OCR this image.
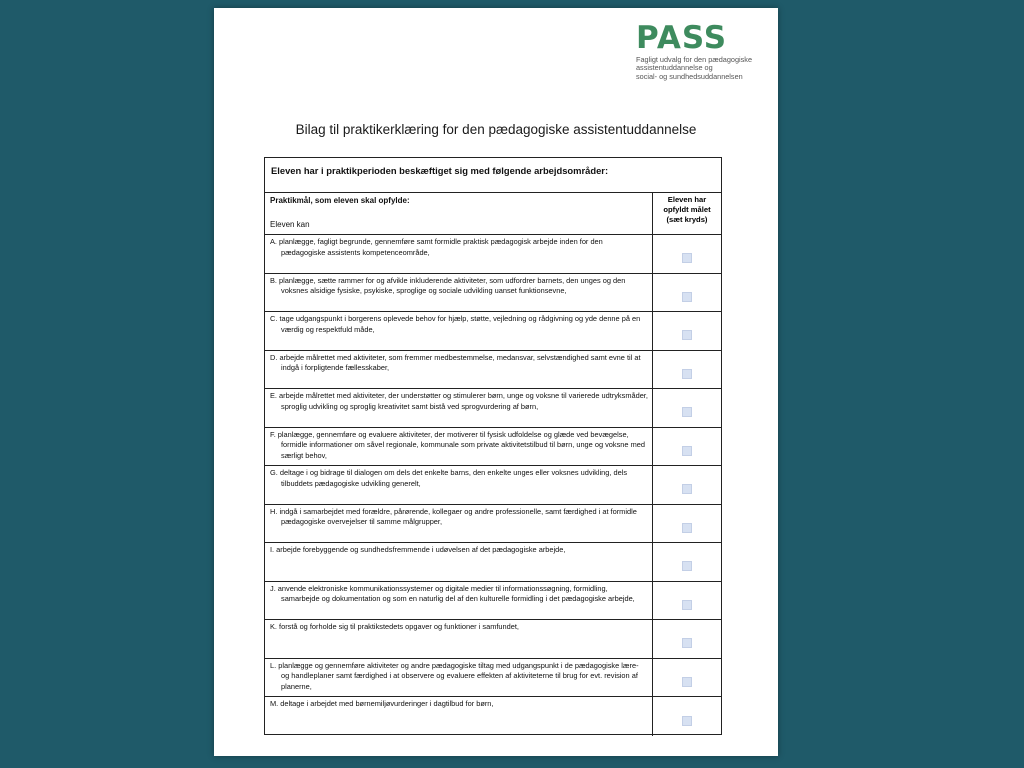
PASS
Fagligt udvalg for den pædagogiske
assistentuddannelse og
social- og sundhedsuddannelsen
Bilag til praktikerklæring for den pædagogiske assistentuddannelse
Eleven har i praktikperioden beskæftiget sig med følgende arbejdsområder:
Praktikmål, som eleven skal opfylde:
Eleven kan
Eleven har
opfyldt målet
(sæt kryds)
A. planlægge, fagligt begrunde, gennemføre samt formidle praktisk pædagogisk arbejde inden for den pædagogiske assistents kompetenceområde,
B. planlægge, sætte rammer for og afvikle inkluderende aktiviteter, som udfordrer barnets, den unges og den voksnes alsidige fysiske, psykiske, sproglige og sociale udvikling uanset funktionsevne,
C. tage udgangspunkt i borgerens oplevede behov for hjælp, støtte, vejledning og rådgivning og yde denne på en værdig og respektfuld måde,
D. arbejde målrettet med aktiviteter, som fremmer medbestemmelse, medansvar, selvstændighed samt evne til at indgå i forpligtende fællesskaber,
E. arbejde målrettet med aktiviteter, der understøtter og stimulerer børn, unge og voksne til varierede udtryksmåder, sproglig udvikling og sproglig kreativitet samt bistå ved sprogvurdering af børn,
F. planlægge, gennemføre og evaluere aktiviteter, der motiverer til fysisk udfoldelse og glæde ved bevægelse, formidle informationer om såvel regionale, kommunale som private aktivitetstilbud til børn, unge og voksne med særligt behov,
G. deltage i og bidrage til dialogen om dels det enkelte barns, den enkelte unges eller voksnes udvikling, dels tilbuddets pædagogiske udvikling generelt,
H. indgå i samarbejdet med forældre, pårørende, kollegaer og andre professionelle, samt færdighed i at formidle pædagogiske overvejelser til samme målgrupper,
I. arbejde forebyggende og sundhedsfremmende i udøvelsen af det pædagogiske arbejde,
J. anvende elektroniske kommunikationssystemer og digitale medier til informationssøgning, formidling, samarbejde og dokumentation og som en naturlig del af den kulturelle formidling i det pædagogiske arbejde,
K. forstå og forholde sig til praktikstedets opgaver og funktioner i samfundet,
L. planlægge og gennemføre aktiviteter og andre pædagogiske tiltag med udgangspunkt i de pædagogiske lære- og handleplaner samt færdighed i at observere og evaluere effekten af aktiviteterne til brug for evt. revision af planerne,
M. deltage i arbejdet med børnemiljøvurderinger i dagtilbud for børn,
